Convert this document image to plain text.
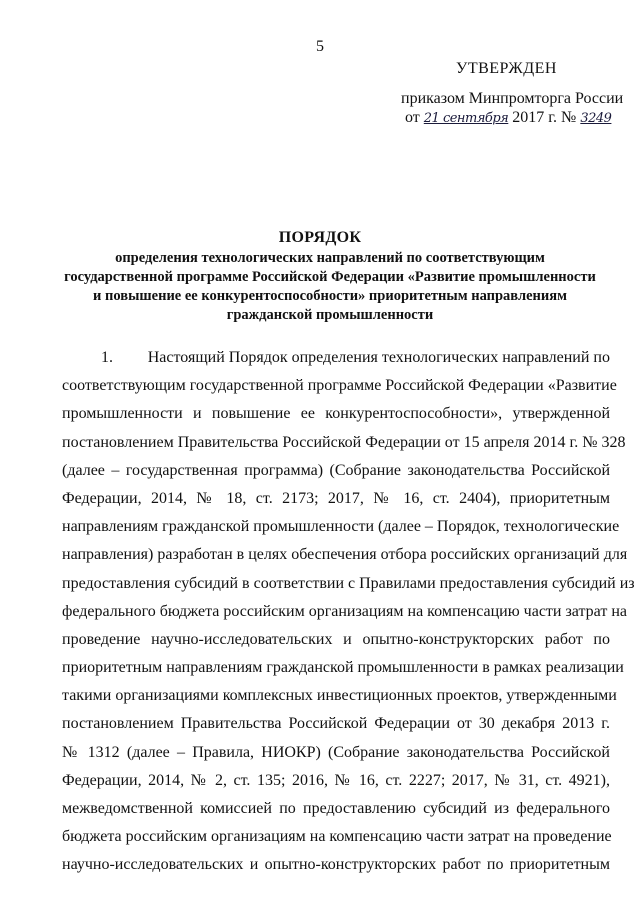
5
УТВЕРЖДЕН
приказом Минпромторга России
от 21 сентября 2017 г. № 3249
ПОРЯДОК
определения технологических направлений по соответствующим
государственной программе Российской Федерации «Развитие промышленности
и повышение ее конкурентоспособности» приоритетным направлениям
гражданской промышленности
1.	Настоящий Порядок определения технологических направлений по
соответствующим государственной программе Российской Федерации «Развитие
промышленности и повышение ее конкурентоспособности», утвержденной
постановлением Правительства Российской Федерации от 15 апреля 2014 г. № 328
(далее – государственная программа) (Собрание законодательства Российской
Федерации, 2014, № 18, ст. 2173; 2017, № 16, ст. 2404), приоритетным
направлениям гражданской промышленности (далее – Порядок, технологические
направления) разработан в целях обеспечения отбора российских организаций для
предоставления субсидий в соответствии с Правилами предоставления субсидий из
федерального бюджета российским организациям на компенсацию части затрат на
проведение научно-исследовательских и опытно-конструкторских работ по
приоритетным направлениям гражданской промышленности в рамках реализации
такими организациями комплексных инвестиционных проектов, утвержденными
постановлением Правительства Российской Федерации от 30 декабря 2013 г.
№ 1312 (далее – Правила, НИОКР) (Собрание законодательства Российской
Федерации, 2014, № 2, ст. 135; 2016, № 16, ст. 2227; 2017, № 31, ст. 4921),
межведомственной комиссией по предоставлению субсидий из федерального
бюджета российским организациям на компенсацию части затрат на проведение
научно-исследовательских и опытно-конструкторских работ по приоритетным
